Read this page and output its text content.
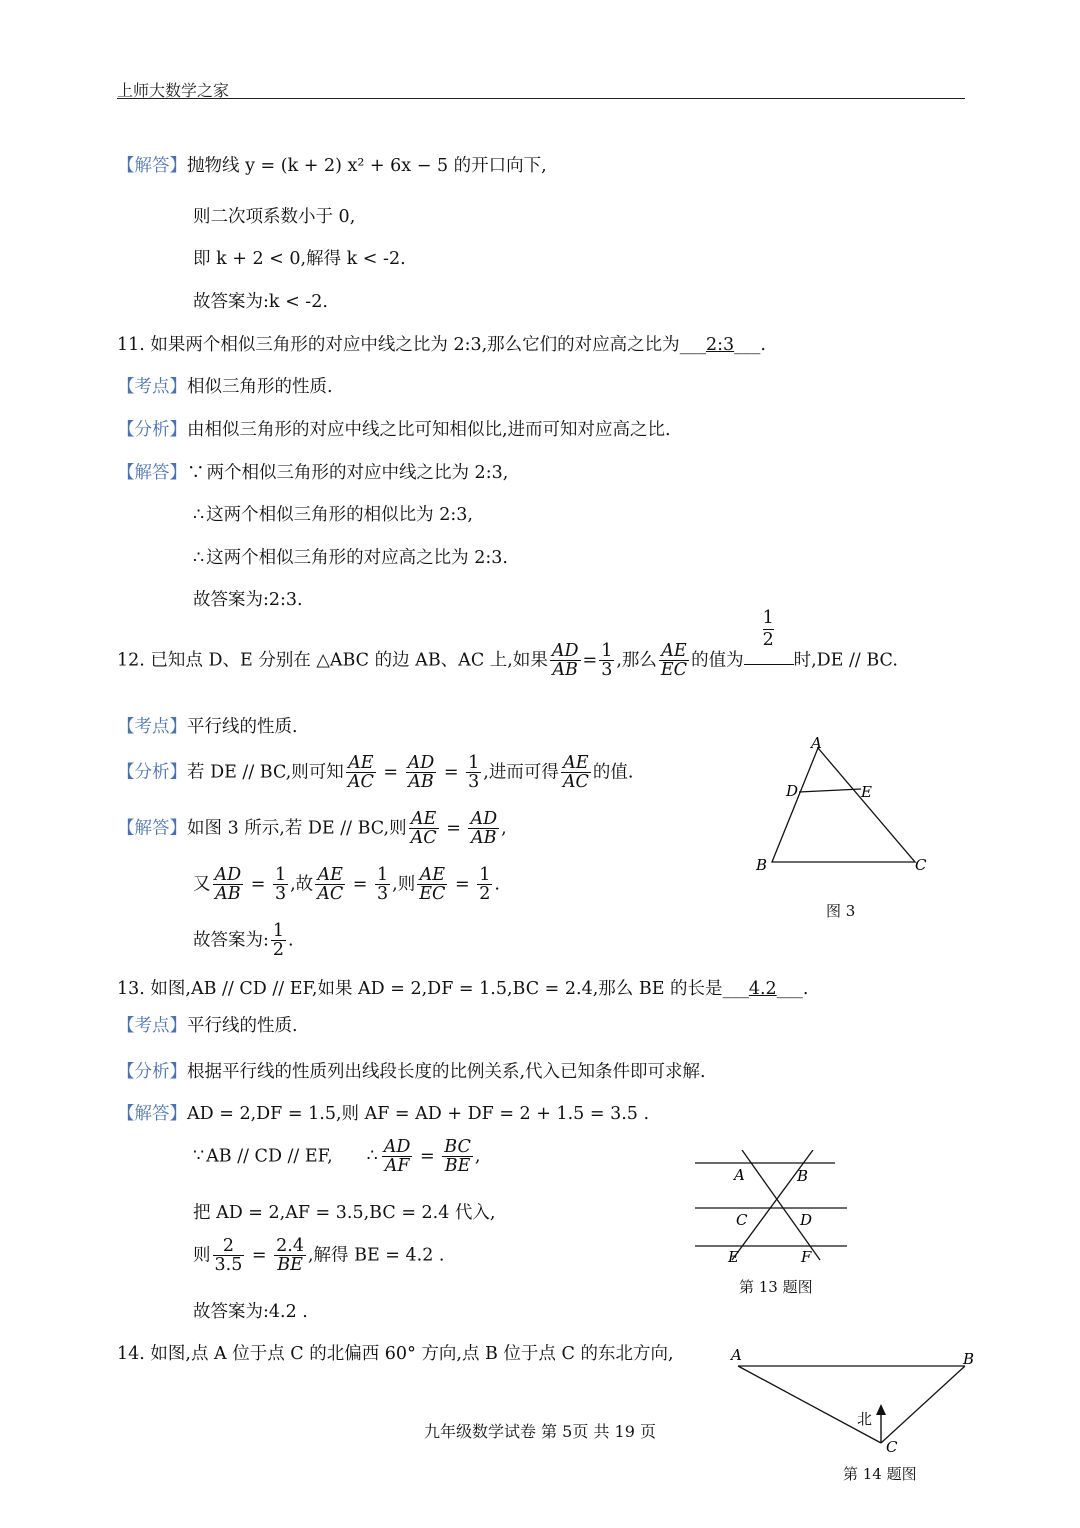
上师大数学之家
【解答】抛物线 y = (k + 2) x² + 6x − 5 的开口向下,
则二次项系数小于 0,
即 k + 2 < 0,解得 k < -2.
故答案为:k < -2.
11. 如果两个相似三角形的对应中线之比为 2:3,那么它们的对应高之比为___2:3___.
【考点】相似三角形的性质.
【分析】由相似三角形的对应中线之比可知相似比,进而可知对应高之比.
【解答】∵ 两个相似三角形的对应中线之比为 2:3,
∴ 这两个相似三角形的相似比为 2:3,
∴ 这两个相似三角形的对应高之比为 2:3.
故答案为:2:3.
12. 已知点 D、E 分别在 △ABC 的边 AB、AC 上,如果 $\frac{AD}{AB} = \frac{1}{3}$ ,那么 $\frac{AE}{EC}$ 的值为
1
2
时,DE // BC.
【考点】平行线的性质.
【分析】若 DE // BC,则可知 $\frac{AE}{AC} = \frac{AD}{AB} = \frac{1}{3}$ ,进而可得 $\frac{AE}{AC}$ 的值.
【解答】如图 3 所示,若 DE // BC,则 $\frac{AE}{AC} = \frac{AD}{AB}$ ,
又 $\frac{AD}{AB} = \frac{1}{3}$ ,故 $\frac{AE}{AC} = \frac{1}{3}$ ,则 $\frac{AE}{EC} = \frac{1}{2}$ .
故答案为: $\frac{1}{2}$ .
A
D	E
B	C
图 3
13. 如图,AB // CD // EF,如果 AD = 2,DF = 1.5,BC = 2.4,那么 BE 的长是___4.2___.
【考点】平行线的性质.
【分析】根据平行线的性质列出线段长度的比例关系,代入已知条件即可求解.
【解答】AD = 2,DF = 1.5,则 AF = AD + DF = 2 + 1.5 = 3.5 .
∵ AB // CD // EF, ∴ $\frac{AD}{AF} = \frac{BC}{BE}$ ,
把 AD = 2,AF = 3.5,BC = 2.4 代入,
则 $\frac{2}{3.5} = \frac{2.4}{BE}$ ,解得 BE = 4.2 .
故答案为:4.2 .
A	B
C	D
E	F
第 13 题图
14. 如图,点 A 位于点 C 的北偏西 60° 方向,点 B 位于点 C 的东北方向,	A	B
C
北
第 14 题图
九年级数学试卷 第 5页 共 19 页
